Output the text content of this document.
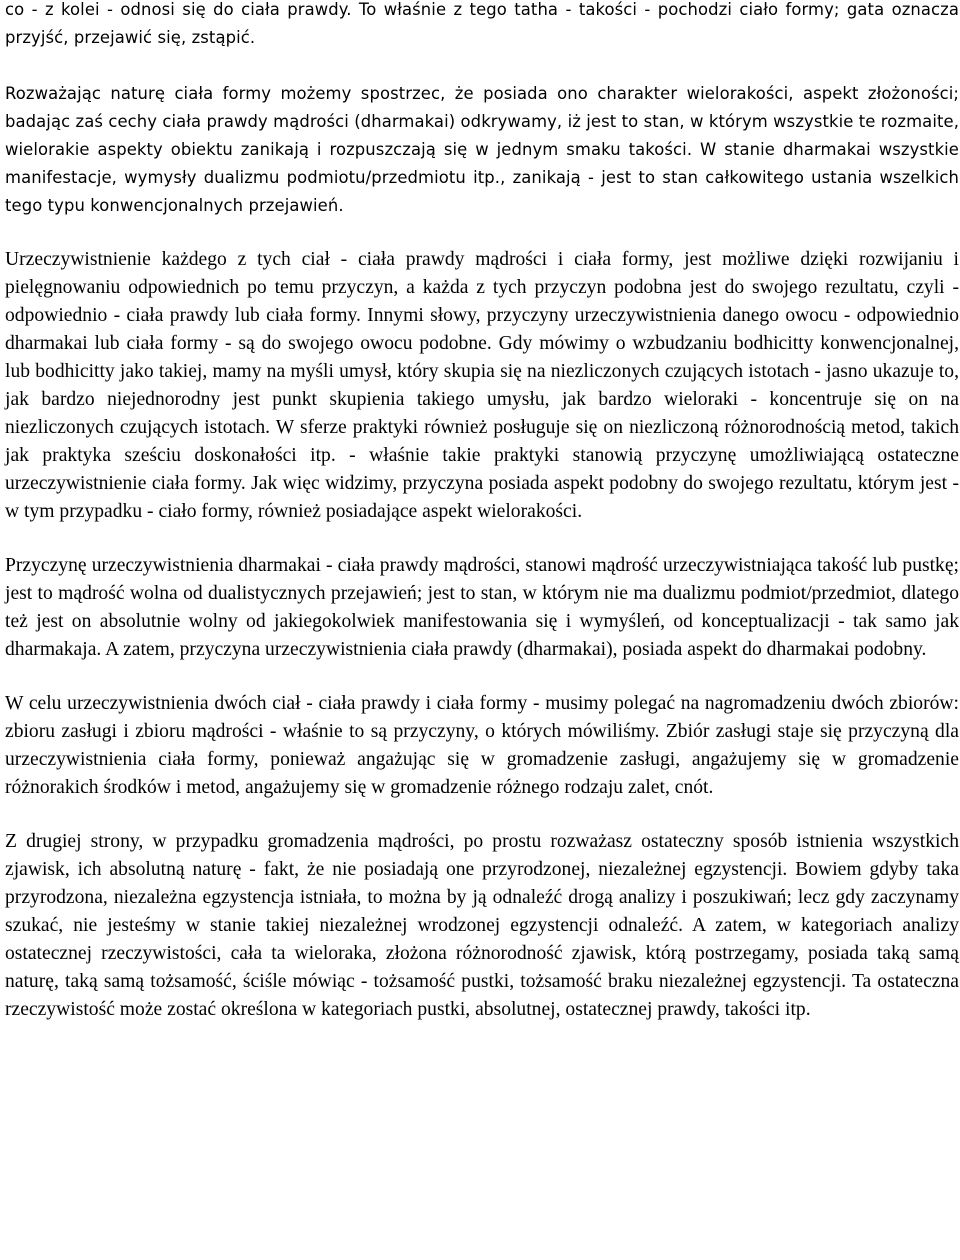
co - z kolei - odnosi się do ciała prawdy. To właśnie z tego tatha - takości - pochodzi ciało formy; gata oznacza przyjść, przejawić się, zstąpić.

Rozważając naturę ciała formy możemy spostrzec, że posiada ono charakter wielorakości, aspekt złożoności; badając zaś cechy ciała prawdy mądrości (dharmakai) odkrywamy, iż jest to stan, w którym wszystkie te rozmaite, wielorakie aspekty obiektu zanikają i rozpuszczają się w jednym smaku takości. W stanie dharmakai wszystkie manifestacje, wymysły dualizmu podmiotu/przedmiotu itp., zanikają - jest to stan całkowitego ustania wszelkich tego typu konwencjonalnych przejawień.

Urzeczywistnienie każdego z tych ciał - ciała prawdy mądrości i ciała formy, jest możliwe dzięki rozwijaniu i pielęgnowaniu odpowiednich po temu przyczyn, a każda z tych przyczyn podobna jest do swojego rezultatu, czyli - odpowiednio - ciała prawdy lub ciała formy. Innymi słowy, przyczyny urzeczywistnienia danego owocu - odpowiednio dharmakai lub ciała formy - są do swojego owocu podobne. Gdy mówimy o wzbudzaniu bodhicitty konwencjonalnej, lub bodhicitty jako takiej, mamy na myśli umysł, który skupia się na niezliczonych czujących istotach - jasno ukazuje to, jak bardzo niejednorodny jest punkt skupienia takiego umysłu, jak bardzo wieloraki - koncentruje się on na niezliczonych czujących istotach. W sferze praktyki również posługuje się on niezliczoną różnorodnością metod, takich jak praktyka sześciu doskonałości itp. - właśnie takie praktyki stanowią przyczynę umożliwiającą ostateczne urzeczywistnienie ciała formy. Jak więc widzimy, przyczyna posiada aspekt podobny do swojego rezultatu, którym jest - w tym przypadku - ciało formy, również posiadające aspekt wielorakości.

Przyczynę urzeczywistnienia dharmakai - ciała prawdy mądrości, stanowi mądrość urzeczywistniająca takość lub pustkę; jest to mądrość wolna od dualistycznych przejawień; jest to stan, w którym nie ma dualizmu podmiot/przedmiot, dlatego też jest on absolutnie wolny od jakiegokolwiek manifestowania się i wymyśleń, od konceptualizacji - tak samo jak dharmakaja. A zatem, przyczyna urzeczywistnienia ciała prawdy (dharmakai), posiada aspekt do dharmakai podobny.

W celu urzeczywistnienia dwóch ciał - ciała prawdy i ciała formy - musimy polegać na nagromadzeniu dwóch zbiorów: zbioru zasługi i zbioru mądrości - właśnie to są przyczyny, o których mówiliśmy. Zbiór zasługi staje się przyczyną dla urzeczywistnienia ciała formy, ponieważ angażując się w gromadzenie zasługi, angażujemy się w gromadzenie różnorakich środków i metod, angażujemy się w gromadzenie różnego rodzaju zalet, cnót.

Z drugiej strony, w przypadku gromadzenia mądrości, po prostu rozważasz ostateczny sposób istnienia wszystkich zjawisk, ich absolutną naturę - fakt, że nie posiadają one przyrodzonej, niezależnej egzystencji. Bowiem gdyby taka przyrodzona, niezależna egzystencja istniała, to można by ją odnaleźć drogą analizy i poszukiwań; lecz gdy zaczynamy szukać, nie jesteśmy w stanie takiej niezależnej wrodzonej egzystencji odnaleźć. A zatem, w kategoriach analizy ostatecznej rzeczywistości, cała ta wieloraka, złożona różnorodność zjawisk, którą postrzegamy, posiada taką samą naturę, taką samą tożsamość, ściśle mówiąc - tożsamość pustki, tożsamość braku niezależnej egzystencji. Ta ostateczna rzeczywistość może zostać określona w kategoriach pustki, absolutnej, ostatecznej prawdy, takości itp.
